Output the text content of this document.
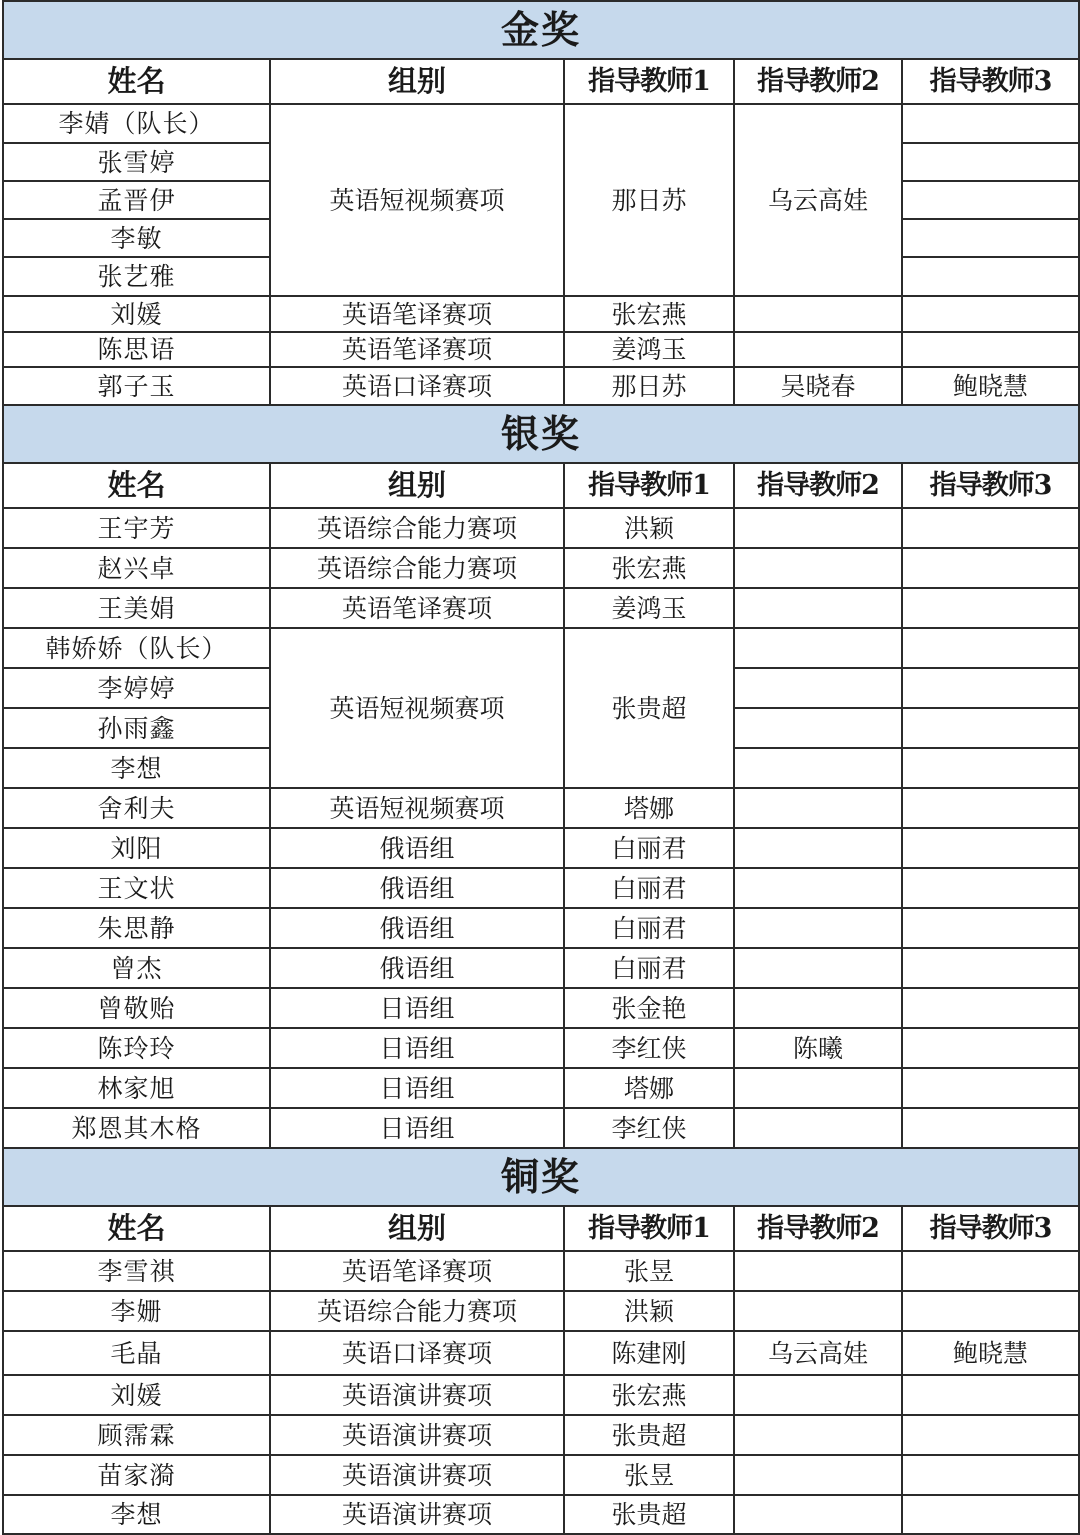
金奖				
姓名	组别	指导教师1	指导教师2	指导教师3
李婧（队长）	英语短视频赛项	那日苏	乌云高娃	
张雪婷				
孟晋伊				
李敏				
张艺雅				
刘媛	英语笔译赛项	张宏燕		
陈思语	英语笔译赛项	姜鸿玉		
郭子玉	英语口译赛项	那日苏	吴晓春	鲍晓慧
银奖				
姓名	组别	指导教师1	指导教师2	指导教师3
王宇芳	英语综合能力赛项	洪颖		
赵兴卓	英语综合能力赛项	张宏燕		
王美娟	英语笔译赛项	姜鸿玉		
韩娇娇（队长）	英语短视频赛项	张贵超		
李婷婷				
孙雨鑫				
李想				
舍利夫	英语短视频赛项	塔娜		
刘阳	俄语组	白丽君		
王文状	俄语组	白丽君		
朱思静	俄语组	白丽君		
曾杰	俄语组	白丽君		
曾敬贻	日语组	张金艳		
陈玲玲	日语组	李红侠	陈曦	
林家旭	日语组	塔娜		
郑恩其木格	日语组	李红侠		
铜奖				
姓名	组别	指导教师1	指导教师2	指导教师3
李雪祺	英语笔译赛项	张昱		
李姗	英语综合能力赛项	洪颖		
毛晶	英语口译赛项	陈建刚	乌云高娃	鲍晓慧
刘媛	英语演讲赛项	张宏燕		
顾霈霖	英语演讲赛项	张贵超		
苗家漪	英语演讲赛项	张昱		
李想	英语演讲赛项	张贵超		
